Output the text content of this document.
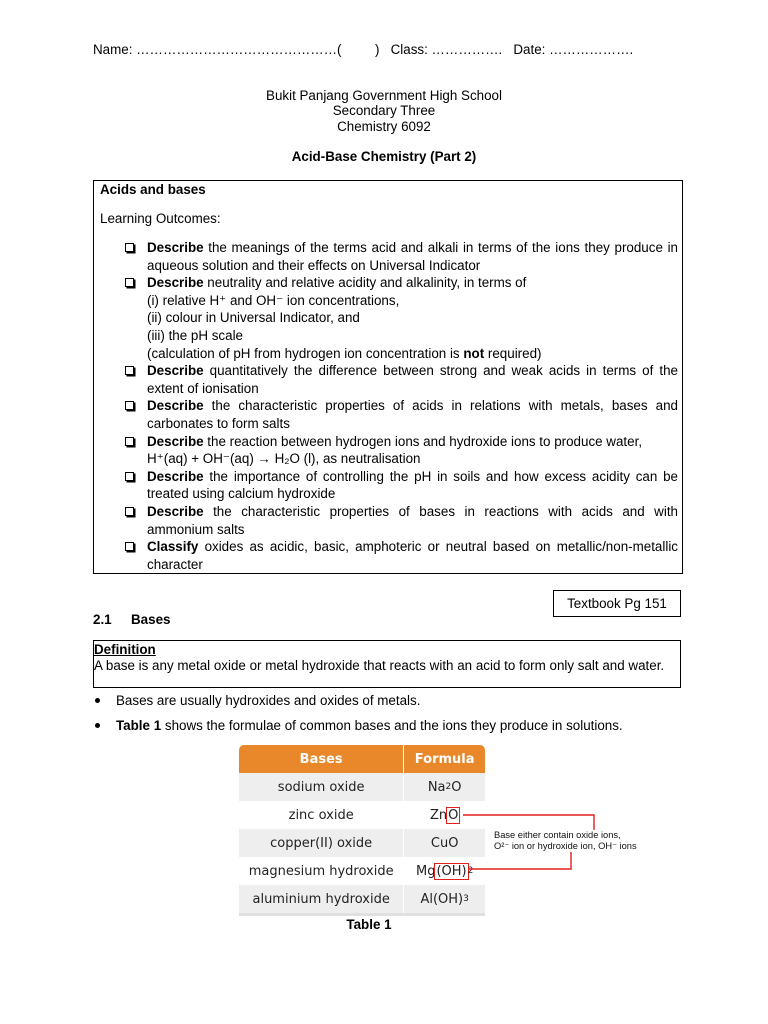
Name: ………………………………………( ) Class: ……………. Date: ……………….
Bukit Panjang Government High School
Secondary Three
Chemistry 6092
Acid-Base Chemistry (Part 2)
Acids and bases
Learning Outcomes:
Describe the meanings of the terms acid and alkali in terms of the ions they produce in aqueous solution and their effects on Universal Indicator
Describe neutrality and relative acidity and alkalinity, in terms of
(i) relative H⁺ and OH⁻ ion concentrations,
(ii) colour in Universal Indicator, and
(iii) the pH scale
(calculation of pH from hydrogen ion concentration is not required)
Describe quantitatively the difference between strong and weak acids in terms of the extent of ionisation
Describe the characteristic properties of acids in relations with metals, bases and carbonates to form salts
Describe the reaction between hydrogen ions and hydroxide ions to produce water,
H⁺(aq) + OH⁻(aq) → H₂O (l), as neutralisation
Describe the importance of controlling the pH in soils and how excess acidity can be treated using calcium hydroxide
Describe the characteristic properties of bases in reactions with acids and with ammonium salts
Classify oxides as acidic, basic, amphoteric or neutral based on metallic/non-metallic character
Textbook Pg 151
2.1 Bases
Definition
A base is any metal oxide or metal hydroxide that reacts with an acid to form only salt and water.
Bases are usually hydroxides and oxides of metals.
Table 1 shows the formulae of common bases and the ions they produce in solutions.
Bases	Formula
sodium oxide	Na 2 O
zinc oxide	Zn O
copper(II) oxide	CuO
magnesium hydroxide	Mg (OH) 2
aluminium hydroxide	Al(OH) 3
Base either contain oxide ions,
O²⁻ ion or hydroxide ion, OH⁻ ions
Table 1
